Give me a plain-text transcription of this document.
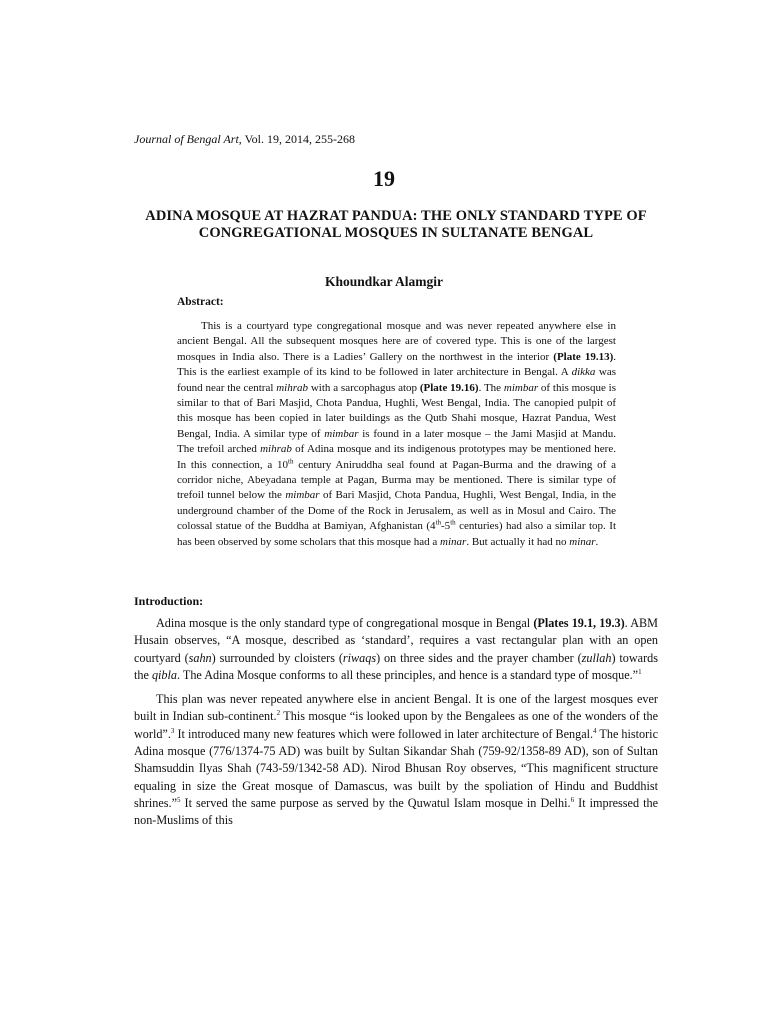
Journal of Bengal Art, Vol. 19, 2014, 255-268
19
ADINA MOSQUE AT HAZRAT PANDUA: THE ONLY STANDARD TYPE OF CONGREGATIONAL MOSQUES IN SULTANATE BENGAL
Khoundkar Alamgir
Abstract:

This is a courtyard type congregational mosque and was never repeated anywhere else in ancient Bengal. All the subsequent mosques here are of covered type. This is one of the largest mosques in India also. There is a Ladies’ Gallery on the northwest in the interior (Plate 19.13). This is the earliest example of its kind to be followed in later architecture in Bengal. A dikka was found near the central mihrab with a sarcophagus atop (Plate 19.16). The mimbar of this mosque is similar to that of Bari Masjid, Chota Pandua, Hughli, West Bengal, India. The canopied pulpit of this mosque has been copied in later buildings as the Qutb Shahi mosque, Hazrat Pandua, West Bengal, India. A similar type of mimbar is found in a later mosque – the Jami Masjid at Mandu. The trefoil arched mihrab of Adina mosque and its indigenous prototypes may be mentioned here. In this connection, a 10th century Aniruddha seal found at Pagan-Burma and the drawing of a corridor niche, Abeyadana temple at Pagan, Burma may be mentioned. There is similar type of trefoil tunnel below the mimbar of Bari Masjid, Chota Pandua, Hughli, West Bengal, India, in the underground chamber of the Dome of the Rock in Jerusalem, as well as in Mosul and Cairo. The colossal statue of the Buddha at Bamiyan, Afghanistan (4th-5th centuries) had also a similar top. It has been observed by some scholars that this mosque had a minar. But actually it had no minar.

Introduction:

Adina mosque is the only standard type of congregational mosque in Bengal (Plates 19.1, 19.3). ABM Husain observes, “A mosque, described as ‘standard’, requires a vast rectangular plan with an open courtyard (sahn) surrounded by cloisters (riwaqs) on three sides and the prayer chamber (zullah) towards the qibla. The Adina Mosque conforms to all these principles, and hence is a standard type of mosque.”$^1$

This plan was never repeated anywhere else in ancient Bengal. It is one of the largest mosques ever built in Indian sub-continent.$^2$ This mosque “is looked upon by the Bengalees as one of the wonders of the world”.$^3$ It introduced many new features which were followed in later architecture of Bengal.$^4$ The historic Adina mosque (776/1374-75 AD) was built by Sultan Sikandar Shah (759-92/1358-89 AD), son of Sultan Shamsuddin Ilyas Shah (743-59/1342-58 AD). Nirod Bhusan Roy observes, “This magnificent structure equaling in size the Great mosque of Damascus, was built by the spoliation of Hindu and Buddhist shrines.”$^5$ It served the same purpose as served by the Quwatul Islam mosque in Delhi.$^6$ It impressed the non-Muslims of this
